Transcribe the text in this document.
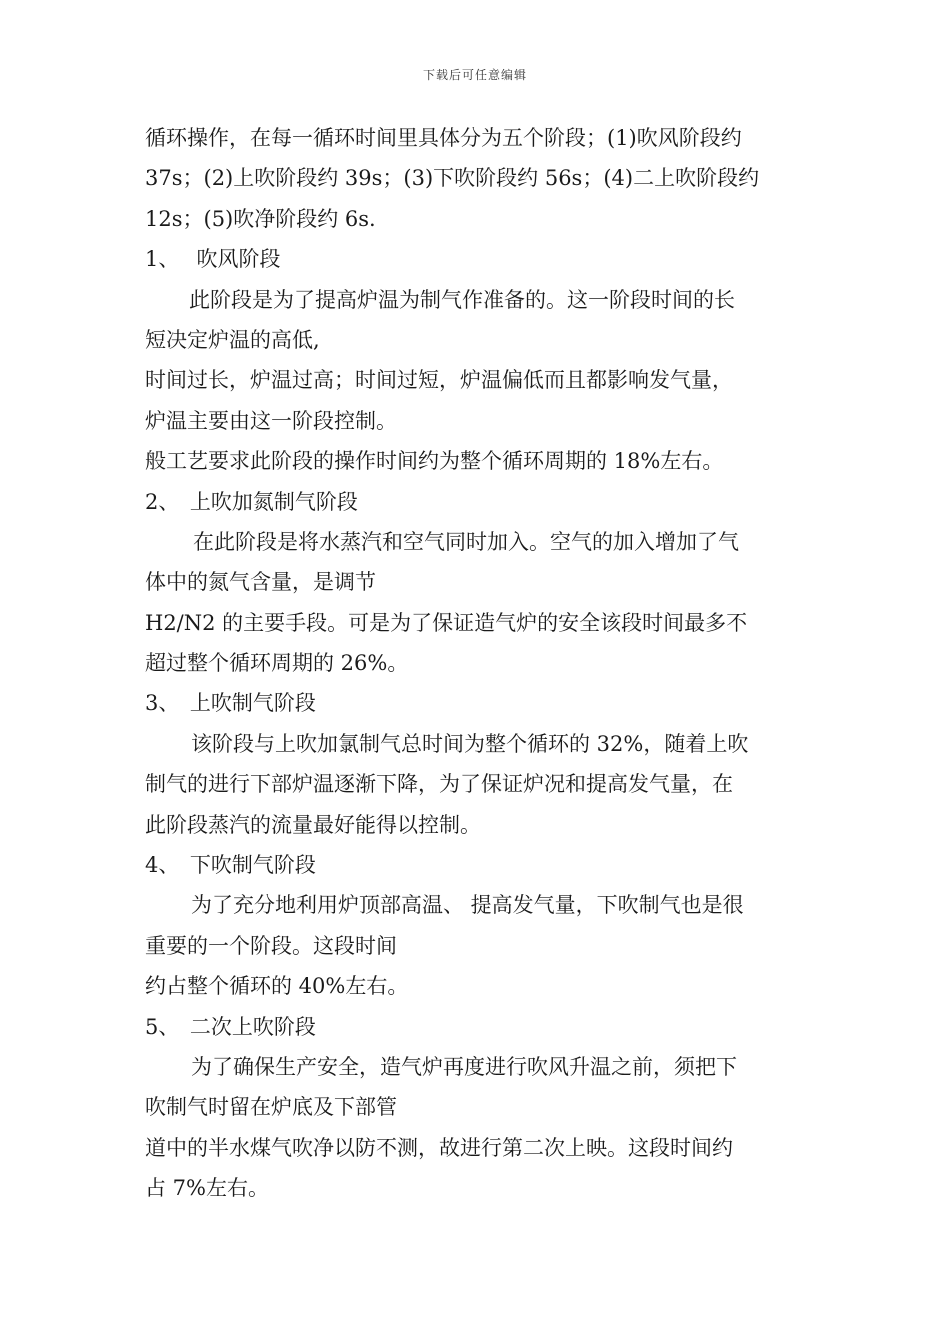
下载后可任意编辑
循环操作，在每一循环时间里具体分为五个阶段；(1)吹风阶段约
37s；(2)上吹阶段约 39s；(3)下吹阶段约 56s；(4)二上吹阶段约
12s；(5)吹净阶段约 6s.
1、　 吹风阶段
此阶段是为了提高炉温为制气作准备的。这一阶段时间的长
短决定炉温的高低,
时间过长，炉温过高；时间过短，炉温偏低而且都影响发气量，
炉温主要由这一阶段控制。
般工艺要求此阶段的操作时间约为整个循环周期的 18%左右。
2、　上吹加氮制气阶段
在此阶段是将水蒸汽和空气同时加入。空气的加入增加了气
体中的氮气含量，是调节
H2/N2 的主要手段。可是为了保证造气炉的安全该段时间最多不
超过整个循环周期的 26%。
3、　上吹制气阶段
该阶段与上吹加氯制气总时间为整个循环的 32%，随着上吹
制气的进行下部炉温逐渐下降，为了保证炉况和提高发气量，在
此阶段蒸汽的流量最好能得以控制。
4、　下吹制气阶段
为了充分地利用炉顶部高温、 提高发气量，下吹制气也是很
重要的一个阶段。这段时间
约占整个循环的 40%左右。
5、　二次上吹阶段
为了确保生产安全，造气炉再度进行吹风升温之前，须把下
吹制气时留在炉底及下部管
道中的半水煤气吹净以防不测，故进行第二次上映。这段时间约
占 7%左右。
